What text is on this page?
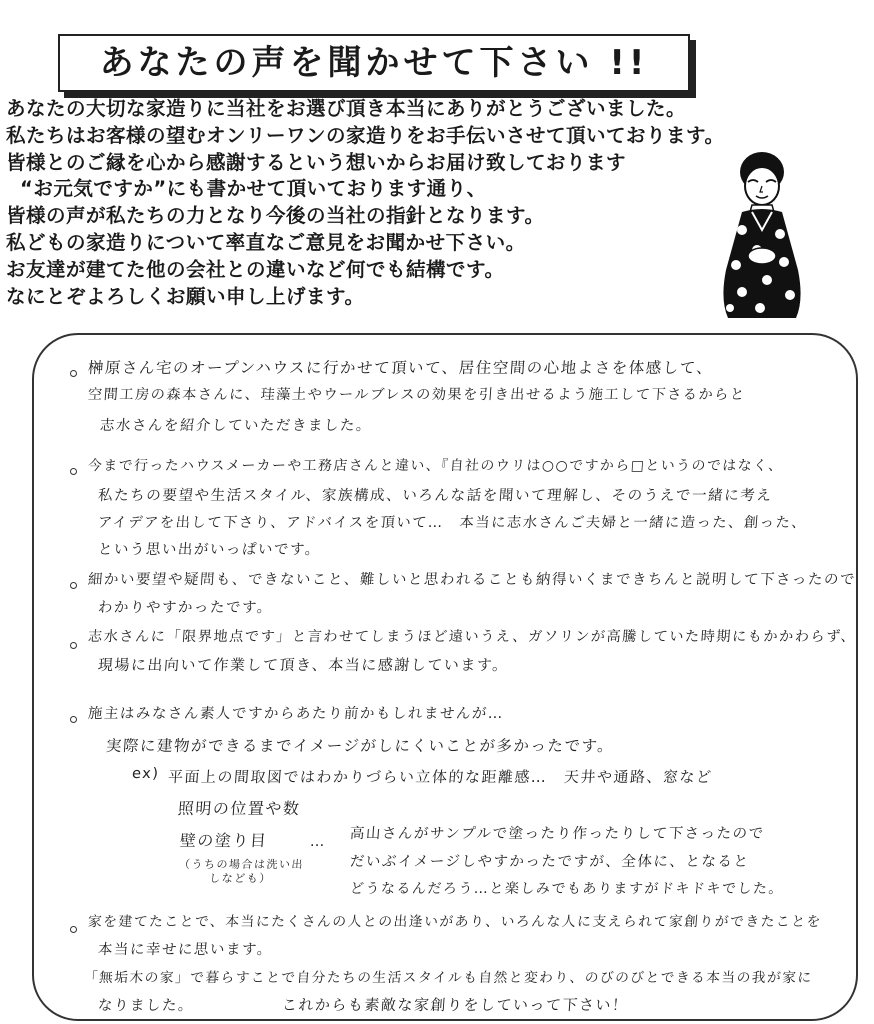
あなたの声を聞かせて下さい !!
あなたの大切な家造りに当社をお選び頂き本当にありがとうございました。
私たちはお客様の望むオンリーワンの家造りをお手伝いさせて頂いております。
皆様とのご縁を心から感謝するという想いからお届け致しております
“お元気ですか”にも書かせて頂いております通り、
皆様の声が私たちの力となり今後の当社の指針となります。
私どもの家造りについて率直なご意見をお聞かせ下さい。
お友達が建てた他の会社との違いなど何でも結構です。
なにとぞよろしくお願い申し上げます。
榊原さん宅のオープンハウスに行かせて頂いて、居住空間の心地よさを体感して、
空間工房の森本さんに、珪藻土やウールブレスの効果を引き出せるよう施工して下さるからと
志水さんを紹介していただきました。
今まで行ったハウスメーカーや工務店さんと違い、『自社のウリは○○ですから□というのではなく、
私たちの要望や生活スタイル、家族構成、いろんな話を聞いて理解し、そのうえで一緒に考え
アイデアを出して下さり、アドバイスを頂いて…　本当に志水さんご夫婦と一緒に造った、創った、
という思い出がいっぱいです。
細かい要望や疑問も、できないこと、難しいと思われることも納得いくまできちんと説明して下さったので
わかりやすかったです。
志水さんに「限界地点です」と言わせてしまうほど遠いうえ、ガソリンが高騰していた時期にもかかわらず、
現場に出向いて作業して頂き、本当に感謝しています。
施主はみなさん素人ですからあたり前かもしれませんが…
実際に建物ができるまでイメージがしにくいことが多かったです。
ex) 平面上の間取図ではわかりづらい立体的な距離感…　天井や通路、窓など
照明の位置や数
壁の塗り目
（うちの場合は洗い出しなども）
… 高山さんがサンプルで塗ったり作ったりして下さったので
だいぶイメージしやすかったですが、全体に、となると
どうなるんだろう…と楽しみでもありますがドキドキでした。
家を建てたことで、本当にたくさんの人との出逢いがあり、いろんな人に支えられて家創りができたことを
本当に幸せに思います。
「無垢木の家」で暮らすことで自分たちの生活スタイルも自然と変わり、のびのびとできる本当の我が家に
なりました。	これからも素敵な家創りをしていって下さい！
